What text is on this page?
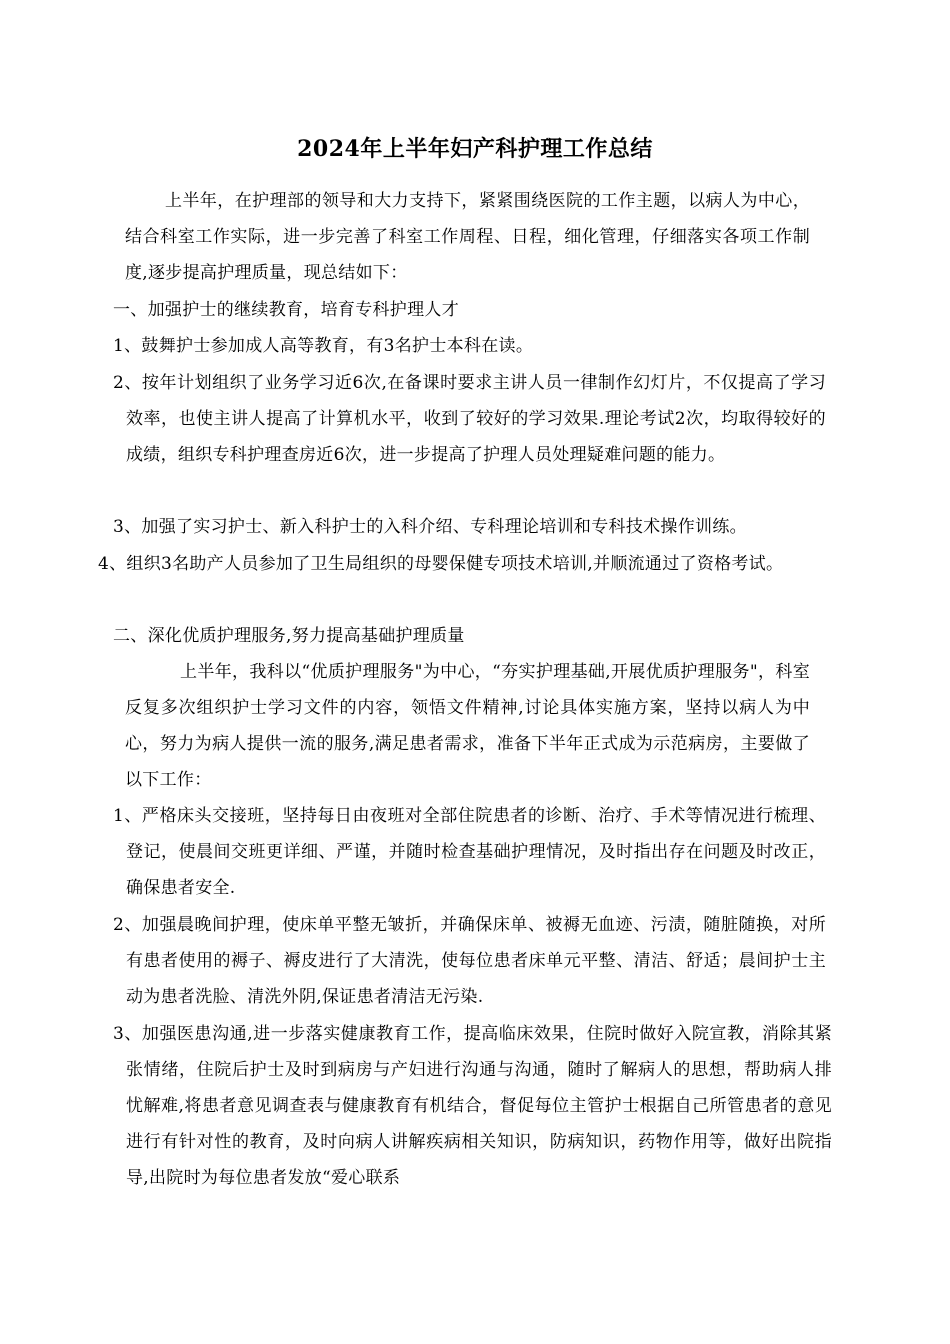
2024年上半年妇产科护理工作总结

上半年，在护理部的领导和大力支持下，紧紧围绕医院的工作主题，以病人为中心，结合科室工作实际，进一步完善了科室工作周程、日程，细化管理，仔细落实各项工作制度,逐步提高护理质量，现总结如下：

一、加强护士的继续教育，培育专科护理人才

1、鼓舞护士参加成人高等教育，有3名护士本科在读。

2、按年计划组织了业务学习近6次,在备课时要求主讲人员一律制作幻灯片，不仅提高了学习效率，也使主讲人提高了计算机水平，收到了较好的学习效果.理论考试2次，均取得较好的成绩，组织专科护理查房近6次，进一步提高了护理人员处理疑难问题的能力。

3、加强了实习护士、新入科护士的入科介绍、专科理论培训和专科技术操作训练。

4、组织3名助产人员参加了卫生局组织的母婴保健专项技术培训,并顺流通过了资格考试。

二、深化优质护理服务,努力提高基础护理质量

上半年，我科以“优质护理服务"为中心，“夯实护理基础,开展优质护理服务"，科室反复多次组织护士学习文件的内容，领悟文件精神,讨论具体实施方案，坚持以病人为中心，努力为病人提供一流的服务,满足患者需求，准备下半年正式成为示范病房，主要做了以下工作：

1、严格床头交接班，坚持每日由夜班对全部住院患者的诊断、治疗、手术等情况进行梳理、登记，使晨间交班更详细、严谨，并随时检查基础护理情况，及时指出存在问题及时改正，确保患者安全.

2、加强晨晚间护理，使床单平整无皱折，并确保床单、被褥无血迹、污渍，随脏随换，对所有患者使用的褥子、褥皮进行了大清洗，使每位患者床单元平整、清洁、舒适；晨间护士主动为患者洗脸、清洗外阴,保证患者清洁无污染.

3、加强医患沟通,进一步落实健康教育工作，提高临床效果，住院时做好入院宣教，消除其紧张情绪，住院后护士及时到病房与产妇进行沟通与沟通，随时了解病人的思想，帮助病人排忧解难,将患者意见调查表与健康教育有机结合，督促每位主管护士根据自己所管患者的意见进行有针对性的教育，及时向病人讲解疾病相关知识，防病知识，药物作用等，做好出院指导,出院时为每位患者发放“爱心联系
